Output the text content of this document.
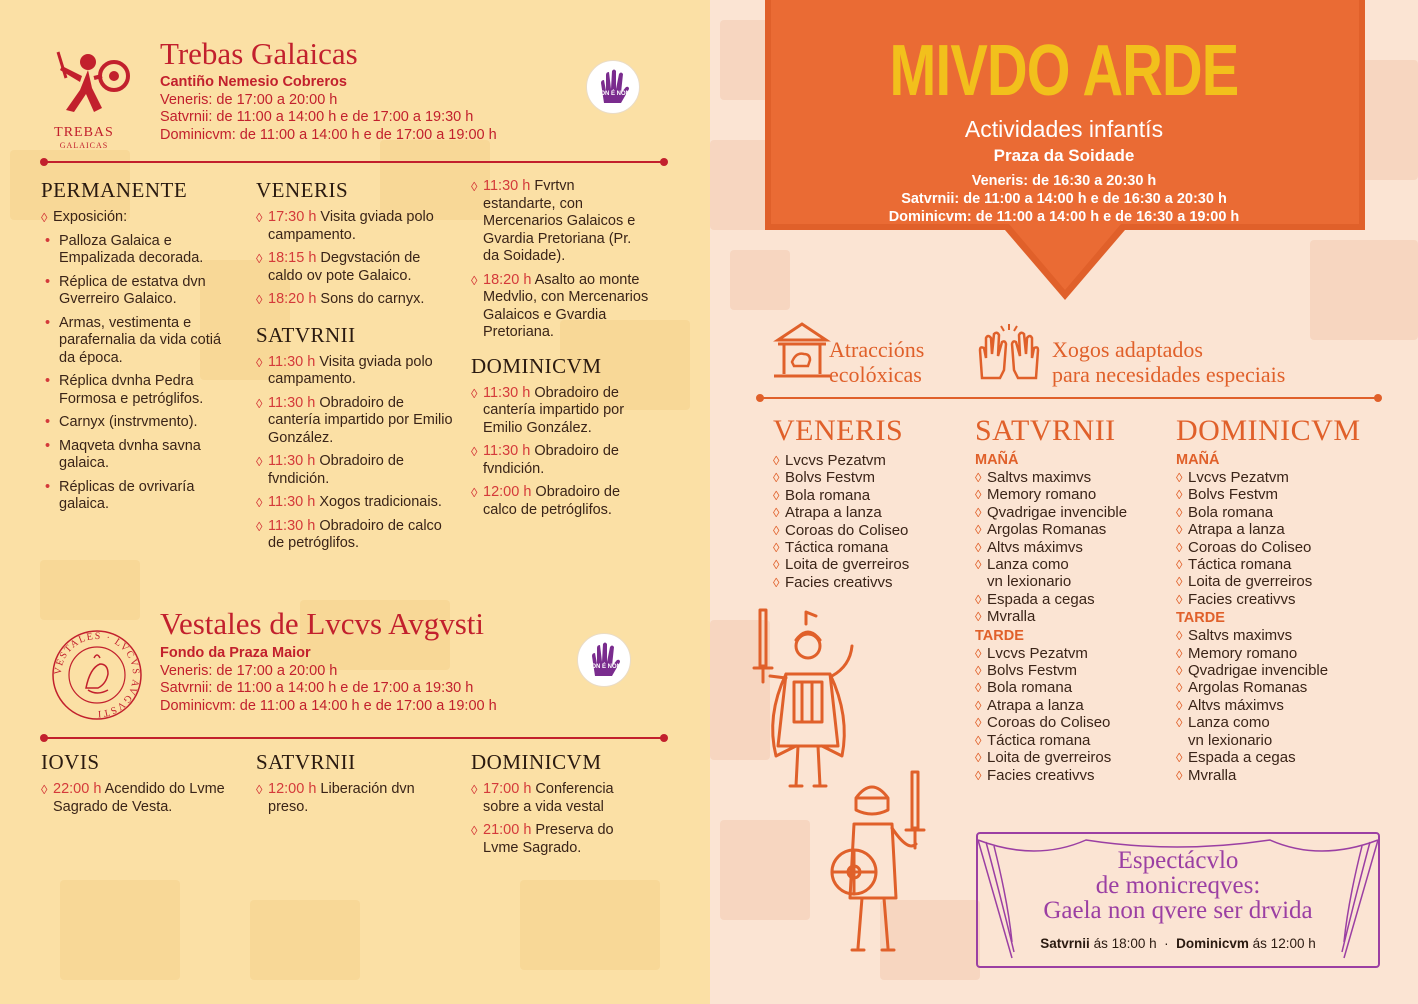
TREBAS
GALAICAS
Trebas Galaicas
Cantiño Nemesio Cobreros
Veneris: de 17:00 a 20:00 h
Satvrnii: de 11:00 a 14:00 h e de 17:00 a 19:30 h
Dominicvm: de 11:00 a 14:00 h e de 17:00 a 19:00 h
NON É NON!
PERMANENTE
◊ Exposición:
• Palloza Galaica e Empalizada decorada.
• Réplica de estatva dvn Gverreiro Galaico.
• Armas, vestimenta e parafernalia da vida cotiá da época.
• Réplica dvnha Pedra Formosa e petróglifos.
• Carnyx (instrvmento).
• Maqveta dvnha savna galaica.
• Réplicas de ovrivaría galaica.
VENERIS
◊ 17:30 h Visita gviada polo campamento.
◊ 18:15 h Degvstación de caldo ov pote Galaico.
◊ 18:20 h Sons do carnyx.
SATVRNII
◊ 11:30 h Visita gviada polo campamento.
◊ 11:30 h Obradoiro de cantería impartido por Emilio González.
◊ 11:30 h Obradoiro de fvndición.
◊ 11:30 h Xogos tradicionais.
◊ 11:30 h Obradoiro de calco de petróglifos.
◊ 11:30 h Fvrtvn estandarte, con Mercenarios Galaicos e Gvardia Pretoriana (Pr. da Soidade).
◊ 18:20 h Asalto ao monte Medvlio, con Mercenarios Galaicos e Gvardia Pretoriana.
DOMINICVM
◊ 11:30 h Obradoiro de cantería impartido por Emilio González.
◊ 11:30 h Obradoiro de fvndición.
◊ 12:00 h Obradoiro de calco de petróglifos.
VESTALES · LVCVS AVGVSTI
Vestales de Lvcvs Avgvsti
Fondo da Praza Maior
Veneris: de 17:00 a 20:00 h
Satvrnii: de 11:00 a 14:00 h e de 17:00 a 19:30 h
Dominicvm: de 11:00 a 14:00 h e de 17:00 a 19:00 h
NON É NON!
IOVIS
◊ 22:00 h Acendido do Lvme Sagrado de Vesta.
SATVRNII
◊ 12:00 h Liberación dvn preso.
DOMINICVM
◊ 17:00 h Conferencia sobre a vida vestal
◊ 21:00 h Preserva do Lvme Sagrado.
MIVDO ARDE
Actividades infantís
Praza da Soidade
Veneris: de 16:30 a 20:30 h
Satvrnii: de 11:00 a 14:00 h e de 16:30 a 20:30 h
Dominicvm: de 11:00 a 14:00 h e de 16:30 a 19:00 h
Atraccións
ecolóxicas
Xogos adaptados
para necesidades especiais
VENERIS
◊ Lvcvs Pezatvm
◊ Bolvs Festvm
◊ Bola romana
◊ Atrapa a lanza
◊ Coroas do Coliseo
◊ Táctica romana
◊ Loita de gverreiros
◊ Facies creativvs
SATVRNII
MAÑÁ
◊ Saltvs maximvs
◊ Memory romano
◊ Qvadrigae invencible
◊ Argolas Romanas
◊ Altvs máximvs
◊ Lanza como vn lexionario
◊ Espada a cegas
◊ Mvralla
TARDE
◊ Lvcvs Pezatvm
◊ Bolvs Festvm
◊ Bola romana
◊ Atrapa a lanza
◊ Coroas do Coliseo
◊ Táctica romana
◊ Loita de gverreiros
◊ Facies creativvs
DOMINICVM
MAÑÁ
◊ Lvcvs Pezatvm
◊ Bolvs Festvm
◊ Bola romana
◊ Atrapa a lanza
◊ Coroas do Coliseo
◊ Táctica romana
◊ Loita de gverreiros
◊ Facies creativvs
TARDE
◊ Saltvs maximvs
◊ Memory romano
◊ Qvadrigae invencible
◊ Argolas Romanas
◊ Altvs máximvs
◊ Lanza como vn lexionario
◊ Espada a cegas
◊ Mvralla
Espectácvlo
de monicreqves:
Gaela non qvere ser drvida
Satvrnii ás 18:00 h  ·  Dominicvm ás 12:00 h
